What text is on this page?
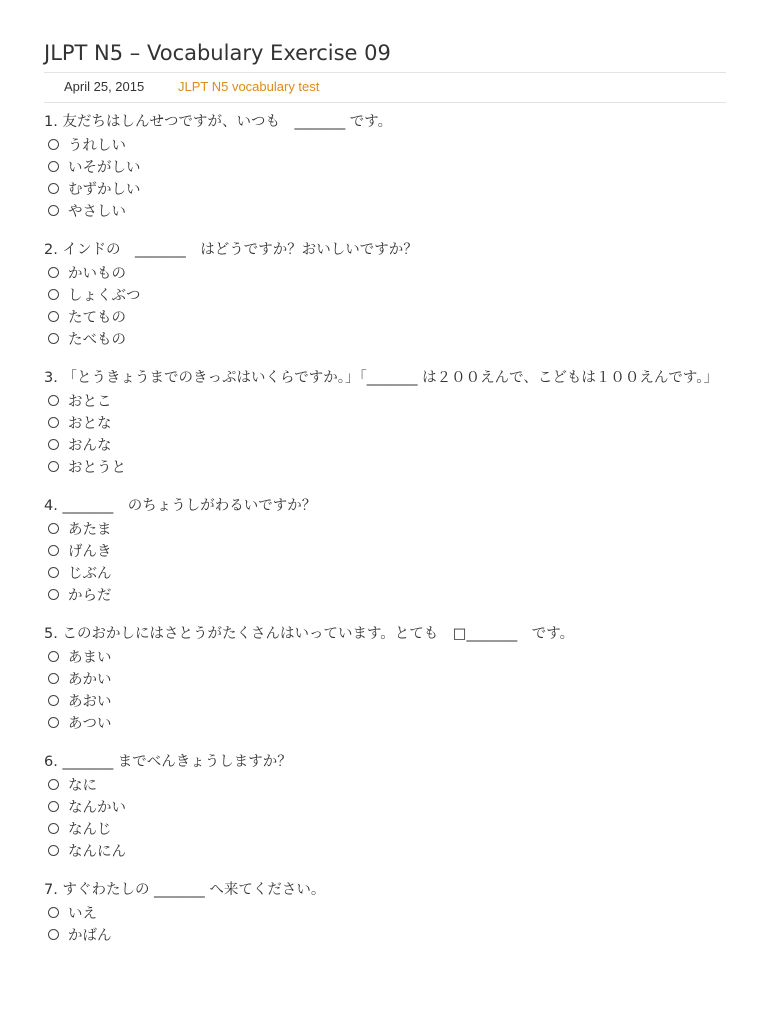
JLPT N5 – Vocabulary Exercise 09
April 25, 2015	JLPT N5 vocabulary test

1. 友だちはしんせつですが、いつも　_______ です。

うれしい
いそがしい
むずかしい
やさしい

2. インドの　_______　はどうですか？おいしいですか？

かいもの
しょくぶつ
たてもの
たべもの

3. 「とうきょうまでのきっぷはいくらですか。」「_______ は２００えんで、こどもは１００えんです。」

おとこ
おとな
おんな
おとうと

4. _______　のちょうしがわるいですか？

あたま
げんき
じぶん
からだ

5. このおかしにはさとうがたくさんはいっています。とても　□_______　です。

あまい
あかい
あおい
あつい

6. _______ までべんきょうしますか？

なに
なんかい
なんじ
なんにん

7. すぐわたしの _______ へ来てください。

いえ
かばん
